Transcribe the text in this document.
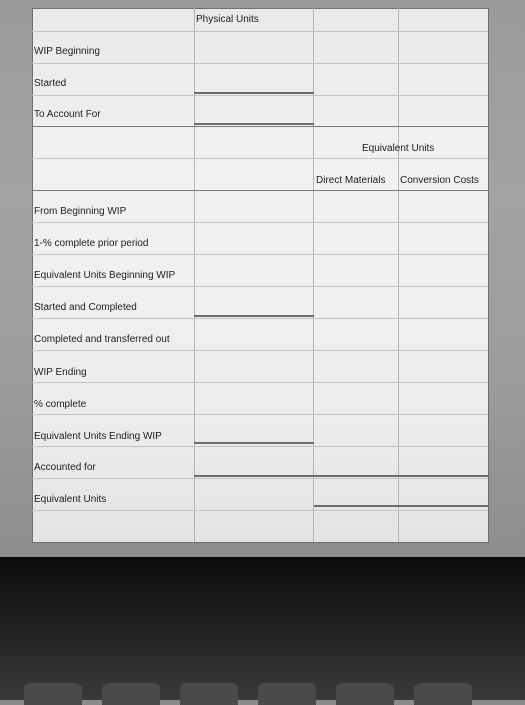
Physical Units
Equivalent Units
Direct Materials Conversion Costs
WIP Beginning
Started
To Account For
From Beginning WIP
1-% complete prior period
Equivalent Units Beginning WIP
Started and Completed
Completed and transferred out
WIP Ending
% complete
Equivalent Units Ending WIP
Accounted for
Equivalent Units
